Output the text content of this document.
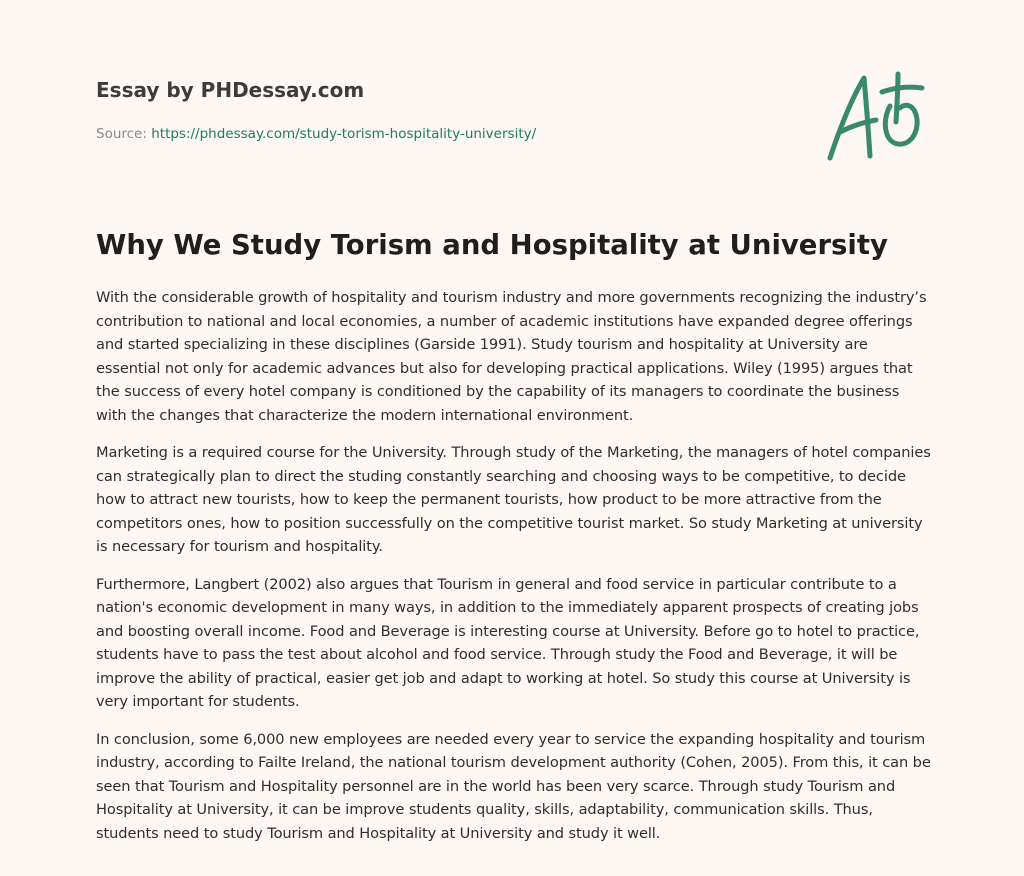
Essay by PHDessay.com
Source: https://phdessay.com/study-torism-hospitality-university/
Why We Study Torism and Hospitality at University

With the considerable growth of hospitality and tourism industry and more governments recognizing the industry’s contribution to national and local economies, a number of academic institutions have expanded degree offerings and started specializing in these disciplines (Garside 1991). Study tourism and hospitality at University are essential not only for academic advances but also for developing practical applications. Wiley (1995) argues that the success of every hotel company is conditioned by the capability of its managers to coordinate the business with the changes that characterize the modern international environment.

Marketing is a required course for the University. Through study of the Marketing, the managers of hotel companies can strategically plan to direct the studing constantly searching and choosing ways to be competitive, to decide how to attract new tourists, how to keep the permanent tourists, how product to be more attractive from the competitors ones, how to position successfully on the competitive tourist market. So study Marketing at university is necessary for tourism and hospitality.

Furthermore, Langbert (2002) also argues that Tourism in general and food service in particular contribute to a nation's economic development in many ways, in addition to the immediately apparent prospects of creating jobs and boosting overall income. Food and Beverage is interesting course at University. Before go to hotel to practice, students have to pass the test about alcohol and food service. Through study the Food and Beverage, it will be improve the ability of practical, easier get job and adapt to working at hotel. So study this course at University is very important for students.

In conclusion, some 6,000 new employees are needed every year to service the expanding hospitality and tourism industry, according to Failte Ireland, the national tourism development authority (Cohen, 2005). From this, it can be seen that Tourism and Hospitality personnel are in the world has been very scarce. Through study Tourism and Hospitality at University, it can be improve students quality, skills, adaptability, communication skills. Thus, students need to study Tourism and Hospitality at University and study it well.
